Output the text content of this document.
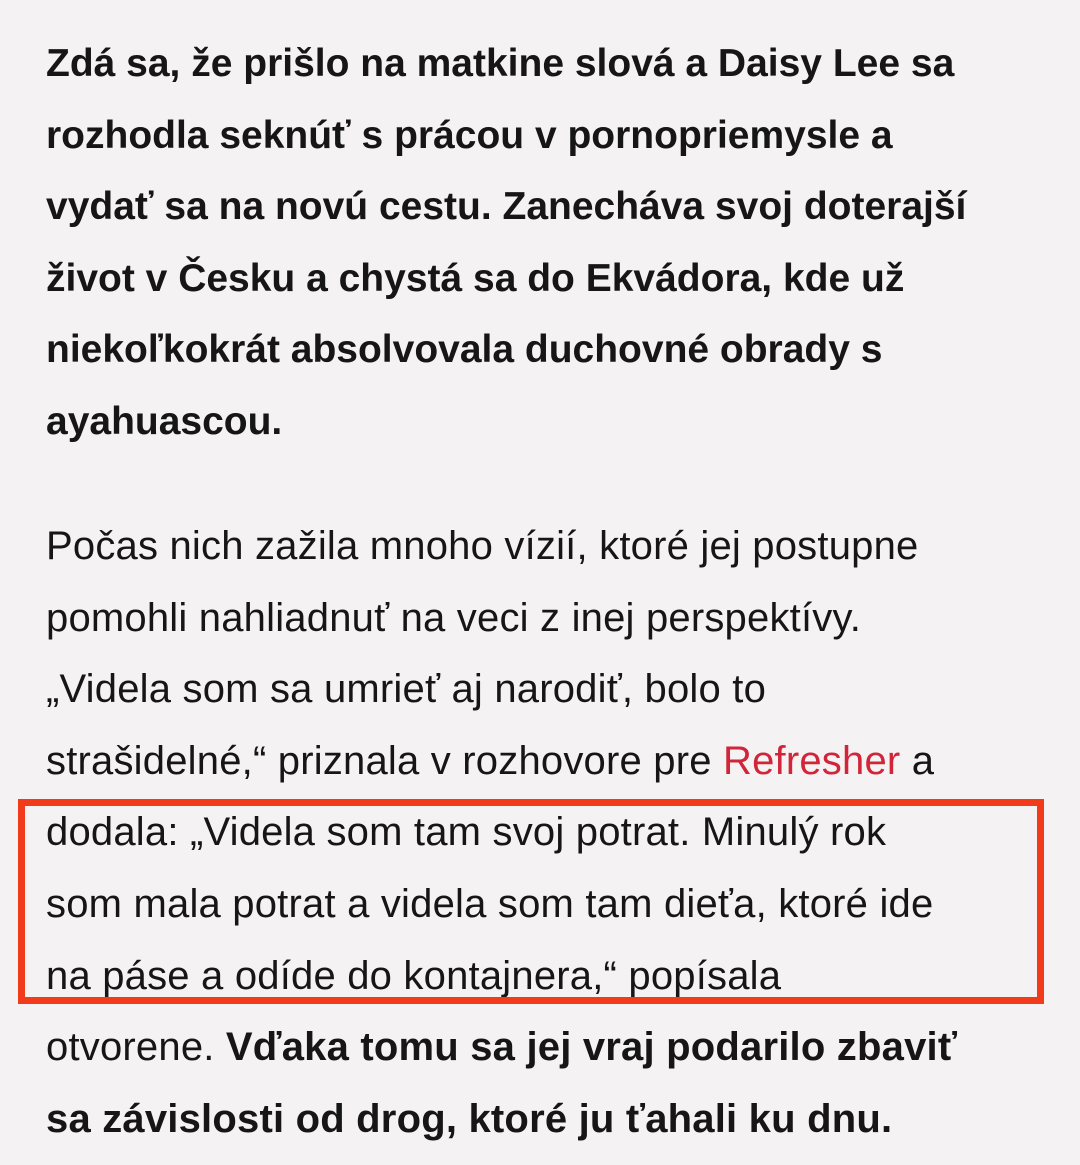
Zdá sa, že prišlo na matkine slová a Daisy Lee sa
rozhodla seknúť s prácou v pornopriemysle a
vydať sa na novú cestu. Zanecháva svoj doterajší
život v Česku a chystá sa do Ekvádora, kde už
niekoľkokrát absolvovala duchovné obrady s
ayahuascou.
Počas nich zažila mnoho vízií, ktoré jej postupne
pomohli nahliadnuť na veci z inej perspektívy.
„Videla som sa umrieť aj narodiť, bolo to
strašidelné,“ priznala v rozhovore pre Refresher a
dodala: „Videla som tam svoj potrat. Minulý rok
som mala potrat a videla som tam dieťa, ktoré ide
na páse a odíde do kontajnera,“ popísala
otvorene. Vďaka tomu sa jej vraj podarilo zbaviť
sa závislosti od drog, ktoré ju ťahali ku dnu.
